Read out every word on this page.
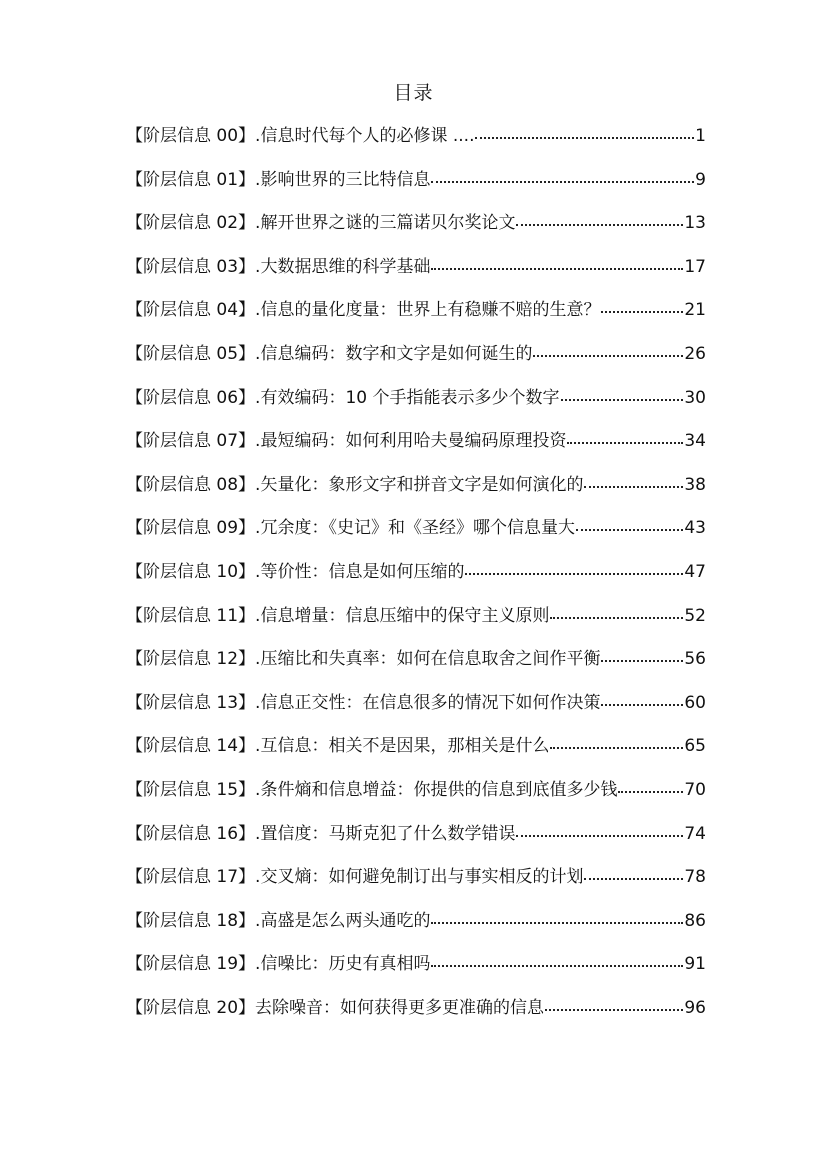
目录
【阶层信息 00】 .信息时代每个人的必修课 ....	1
【阶层信息 01】 .影响世界的三比特信息	9
【阶层信息 02】 .解开世界之谜的三篇诺贝尔奖论文	13
【阶层信息 03】 .大数据思维的科学基础	17
【阶层信息 04】 .信息的量化度量：世界上有稳赚不赔的生意？	21
【阶层信息 05】 .信息编码：数字和文字是如何诞生的	26
【阶层信息 06】 .有效编码：10 个手指能表示多少个数字	30
【阶层信息 07】 .最短编码：如何利用哈夫曼编码原理投资	34
【阶层信息 08】 .矢量化：象形文字和拼音文字是如何演化的	38
【阶层信息 09】 .冗余度：《史记》和《圣经》哪个信息量大	43
【阶层信息 10】 .等价性：信息是如何压缩的	47
【阶层信息 11】 .信息增量：信息压缩中的保守主义原则	52
【阶层信息 12】 .压缩比和失真率：如何在信息取舍之间作平衡	56
【阶层信息 13】 .信息正交性：在信息很多的情况下如何作决策	60
【阶层信息 14】 .互信息：相关不是因果，那相关是什么	65
【阶层信息 15】 .条件熵和信息增益：你提供的信息到底值多少钱	70
【阶层信息 16】 .置信度：马斯克犯了什么数学错误	74
【阶层信息 17】 .交叉熵：如何避免制订出与事实相反的计划	78
【阶层信息 18】 .高盛是怎么两头通吃的	86
【阶层信息 19】 .信噪比：历史有真相吗	91
【阶层信息 20】 去除噪音：如何获得更多更准确的信息	96
